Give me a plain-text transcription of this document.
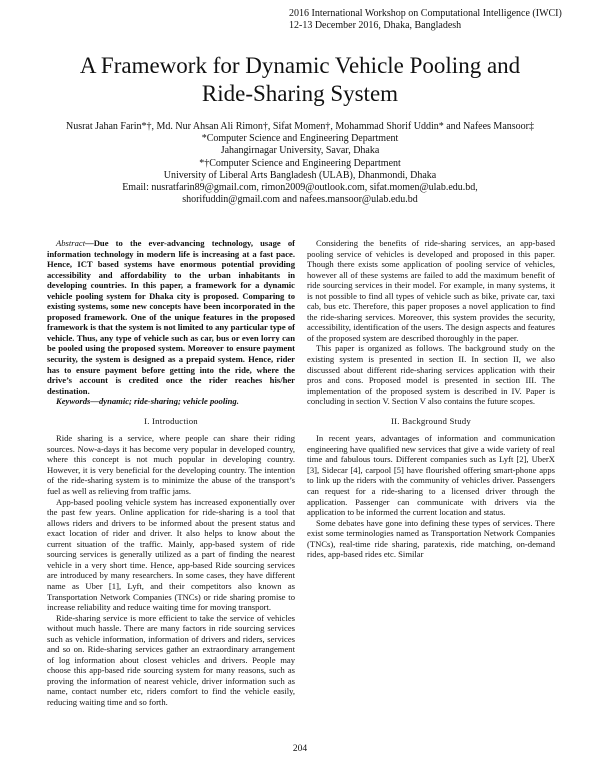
2016 International Workshop on Computational Intelligence (IWCI)
12-13 December 2016, Dhaka, Bangladesh
A Framework for Dynamic Vehicle Pooling and
Ride-Sharing System
Nusrat Jahan Farin*†, Md. Nur Ahsan Ali Rimon†, Sifat Momen†, Mohammad Shorif Uddin* and Nafees Mansoor‡
*Computer Science and Engineering Department
Jahangirnagar University, Savar, Dhaka
*†Computer Science and Engineering Department
University of Liberal Arts Bangladesh (ULAB), Dhanmondi, Dhaka
Email: nusratfarin89@gmail.com, rimon2009@outlook.com, sifat.momen@ulab.edu.bd,
shorifuddin@gmail.com and nafees.mansoor@ulab.edu.bd

Abstract—Due to the ever-advancing technology, usage of information technology in modern life is increasing at a fast pace. Hence, ICT based systems have enormous potential providing accessibility and affordability to the urban inhabitants in developing countries. In this paper, a framework for a dynamic vehicle pooling system for Dhaka city is proposed. Comparing to existing systems, some new concepts have been incorporated in the proposed framework. One of the unique features in the proposed framework is that the system is not limited to any particular type of vehicle. Thus, any type of vehicle such as car, bus or even lorry can be pooled using the proposed system. Moreover to ensure payment security, the system is designed as a prepaid system. Hence, rider has to ensure payment before getting into the ride, where the drive’s account is credited once the rider reaches his/her destination.

Keywords—dynamic; ride-sharing; vehicle pooling.

I. Introduction

Ride sharing is a service, where people can share their riding sources. Now-a-days it has become very popular in developed country, where this concept is not much popular in developing country. However, it is very beneficial for the developing country. The intention of the ride-sharing system is to minimize the abuse of the transport’s fuel as well as relieving from traffic jams.

App-based pooling vehicle system has increased exponentially over the past few years. Online application for ride-sharing is a tool that allows riders and drivers to be informed about the present status and exact location of rider and driver. It also helps to know about the current situation of the traffic. Mainly, app-based system of ride sourcing services is generally utilized as a part of finding the nearest vehicle in a very short time. Hence, app-based Ride sourcing services are introduced by many researchers. In some cases, they have different name as Uber [1], Lyft, and their competitors also known as Transportation Network Companies (TNCs) or ride sharing promise to increase reliability and reduce waiting time for moving transport.

Ride-sharing service is more efficient to take the service of vehicles without much hassle. There are many factors in ride sourcing services such as vehicle information, information of drivers and riders, services and so on. Ride-sharing services gather an extraordinary arrangement of log information about closest vehicles and drivers. People may choose this app-based ride sourcing system for many reasons, such as proving the information of nearest vehicle, driver information such as name, contact number etc, riders comfort to find the vehicle easily, reducing waiting time and so forth.

Considering the benefits of ride-sharing services, an app-based pooling service of vehicles is developed and proposed in this paper. Though there exists some application of pooling service of vehicles, however all of these systems are failed to add the maximum benefit of ride sourcing services in their model. For example, in many systems, it is not possible to find all types of vehicle such as bike, private car, taxi cab, bus etc. Therefore, this paper proposes a novel application to find the ride-sharing services. Moreover, this system provides the security, accessibility, identification of the users. The design aspects and features of the proposed system are described thoroughly in the paper.

This paper is organized as follows. The background study on the existing system is presented in section II. In section II, we also discussed about different ride-sharing services application with their pros and cons. Proposed model is presented in section III. The implementation of the proposed system is described in IV. Paper is concluding in section V. Section V also contains the future scopes.

II. Background Study

In recent years, advantages of information and communication engineering have qualified new services that give a wide variety of real time and fabulous tours. Different companies such as Lyft [2], UberX [3], Sidecar [4], carpool [5] have flourished offering smart-phone apps to link up the riders with the community of vehicles driver. Passengers can request for a ride-sharing to a licensed driver through the application. Passenger can communicate with drivers via the application to be informed the current location and status.

Some debates have gone into defining these types of services. There exist some terminologies named as Transportation Network Companies (TNCs), real-time ride sharing, paratexis, ride matching, on-demand rides, app-based rides etc. Similar

204
